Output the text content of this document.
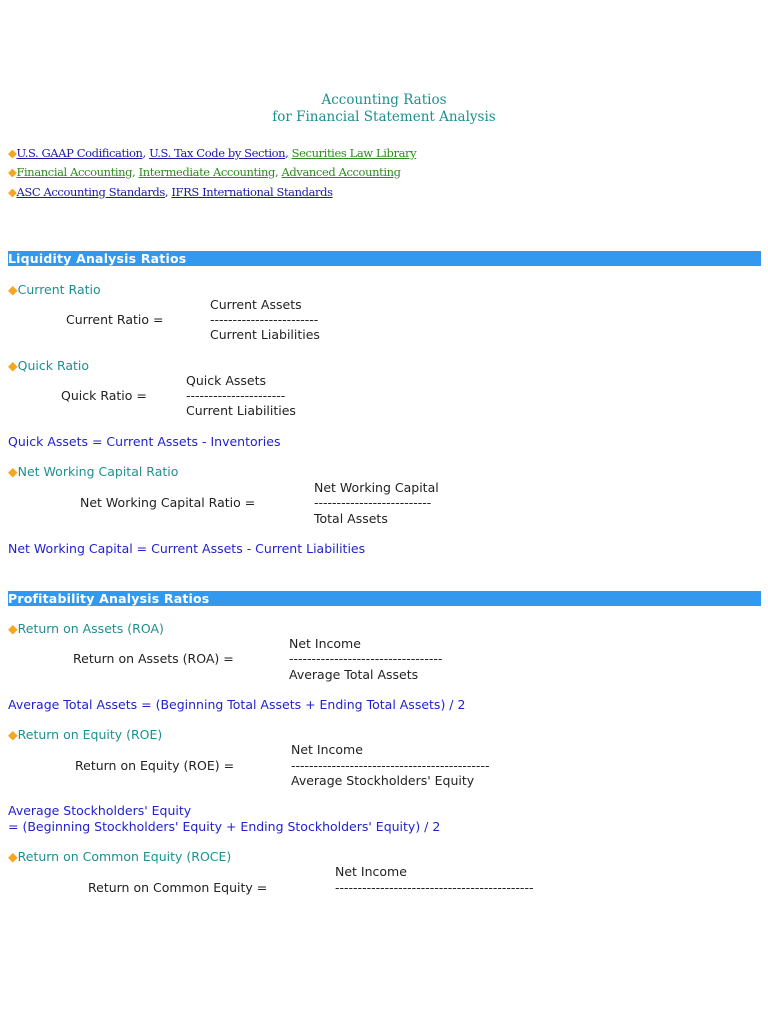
Accounting Ratios
for Financial Statement Analysis
◆U.S. GAAP Codification, U.S. Tax Code by Section, Securities Law Library
◆Financial Accounting, Intermediate Accounting, Advanced Accounting
◆ASC Accounting Standards, IFRS International Standards
Liquidity Analysis Ratios
◆Current Ratio
Current Assets
Current Ratio =	------------------------
Current Liabilities
◆Quick Ratio
Quick Assets
Quick Ratio =	----------------------
Current Liabilities
Quick Assets = Current Assets - Inventories
◆Net Working Capital Ratio
Net Working Capital
Net Working Capital Ratio =	--------------------------
Total Assets
Net Working Capital = Current Assets - Current Liabilities
Profitability Analysis Ratios
◆Return on Assets (ROA)
Net Income
Return on Assets (ROA) =	----------------------------------
Average Total Assets
Average Total Assets = (Beginning Total Assets + Ending Total Assets) / 2
◆Return on Equity (ROE)
Net Income
Return on Equity (ROE) =	--------------------------------------------
Average Stockholders' Equity
Average Stockholders' Equity
= (Beginning Stockholders' Equity + Ending Stockholders' Equity) / 2
◆Return on Common Equity (ROCE)
Net Income
Return on Common Equity =	--------------------------------------------
